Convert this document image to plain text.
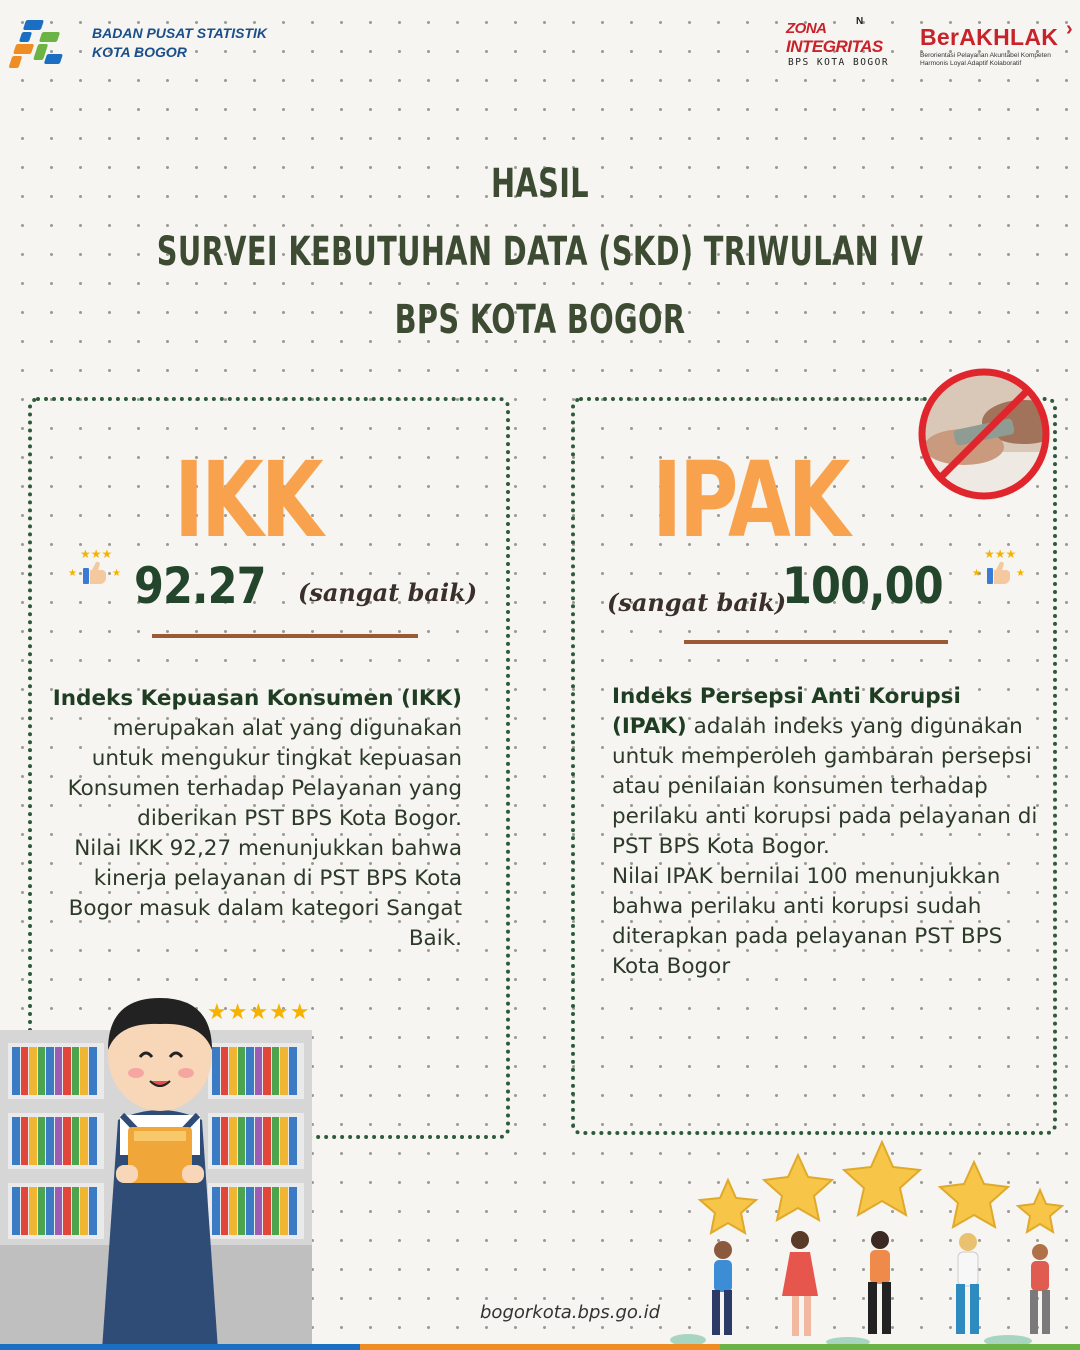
BADAN PUSAT STATISTIK
KOTA BOGOR
ZONA	N
INTEGRITAS
BPS KOTA BOGOR
BerAKHLAK ›
Berorientasi Pelayanan Akuntabel Kompeten
Harmonis Loyal Adaptif Kolaboratif
HASIL
SURVEI KEBUTUHAN DATA (SKD) TRIWULAN IV
BPS KOTA BOGOR
IKK
★★★
★	★ 92.27 (sangat baik)
Indeks Kepuasan Konsumen (IKK) merupakan alat yang digunakan untuk mengukur tingkat kepuasan Konsumen terhadap Pelayanan yang diberikan PST BPS Kota Bogor.
Nilai IKK 92,27 menunjukkan bahwa kinerja pelayanan di PST BPS Kota Bogor masuk dalam kategori Sangat Baik.
★★★★★
IPAK
(sangat baik)
100,00
★★★
★	★
Indeks Persepsi Anti Korupsi (IPAK) adalah indeks yang digunakan untuk memperoleh gambaran persepsi atau penilaian konsumen terhadap perilaku anti korupsi pada pelayanan di PST BPS Kota Bogor.
Nilai IPAK bernilai 100 menunjukkan bahwa perilaku anti korupsi sudah diterapkan pada pelayanan PST BPS Kota Bogor
bogorkota.bps.go.id
